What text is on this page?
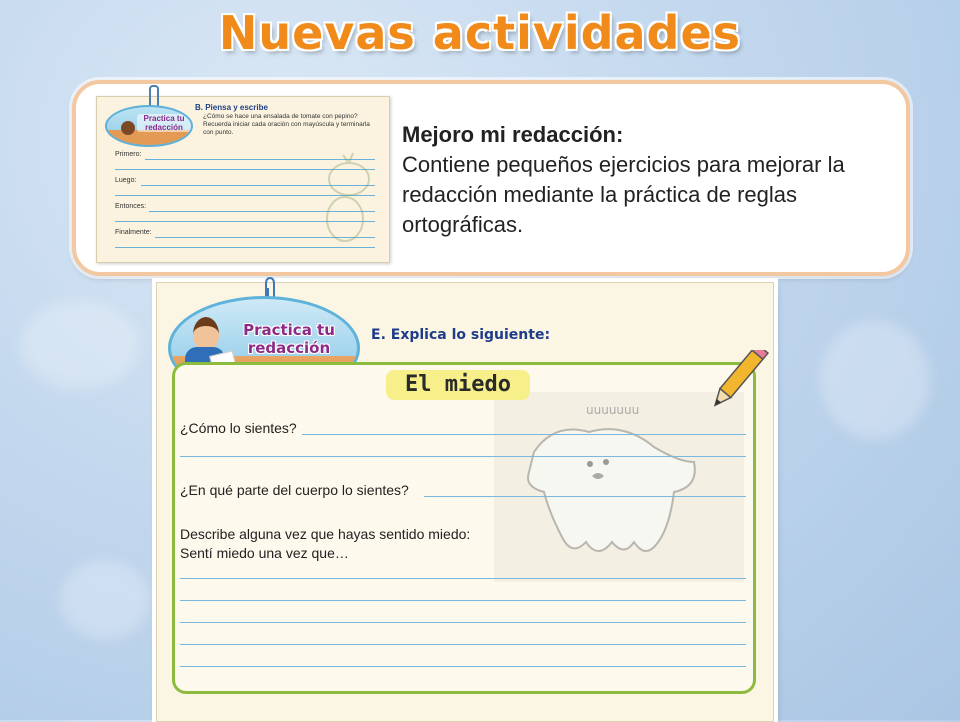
Nuevas actividades
Practica tu redacción
B. Piensa y escribe
¿Cómo se hace una ensalada de tomate con pepino? Recuerda iniciar cada oración con mayúscula y terminarla con punto.
Primero:
Luego:
Entonces:
Finalmente:
Mejoro mi redacción:
Contiene pequeños ejercicios para mejorar la redacción mediante la práctica de reglas ortográficas.
Practica tu redacción
E. Explica lo siguiente:
uuuuuuu
El miedo
¿Cómo lo sientes?
¿En qué parte del cuerpo lo sientes?
Describe alguna vez que hayas sentido miedo:
Sentí miedo una vez que…
